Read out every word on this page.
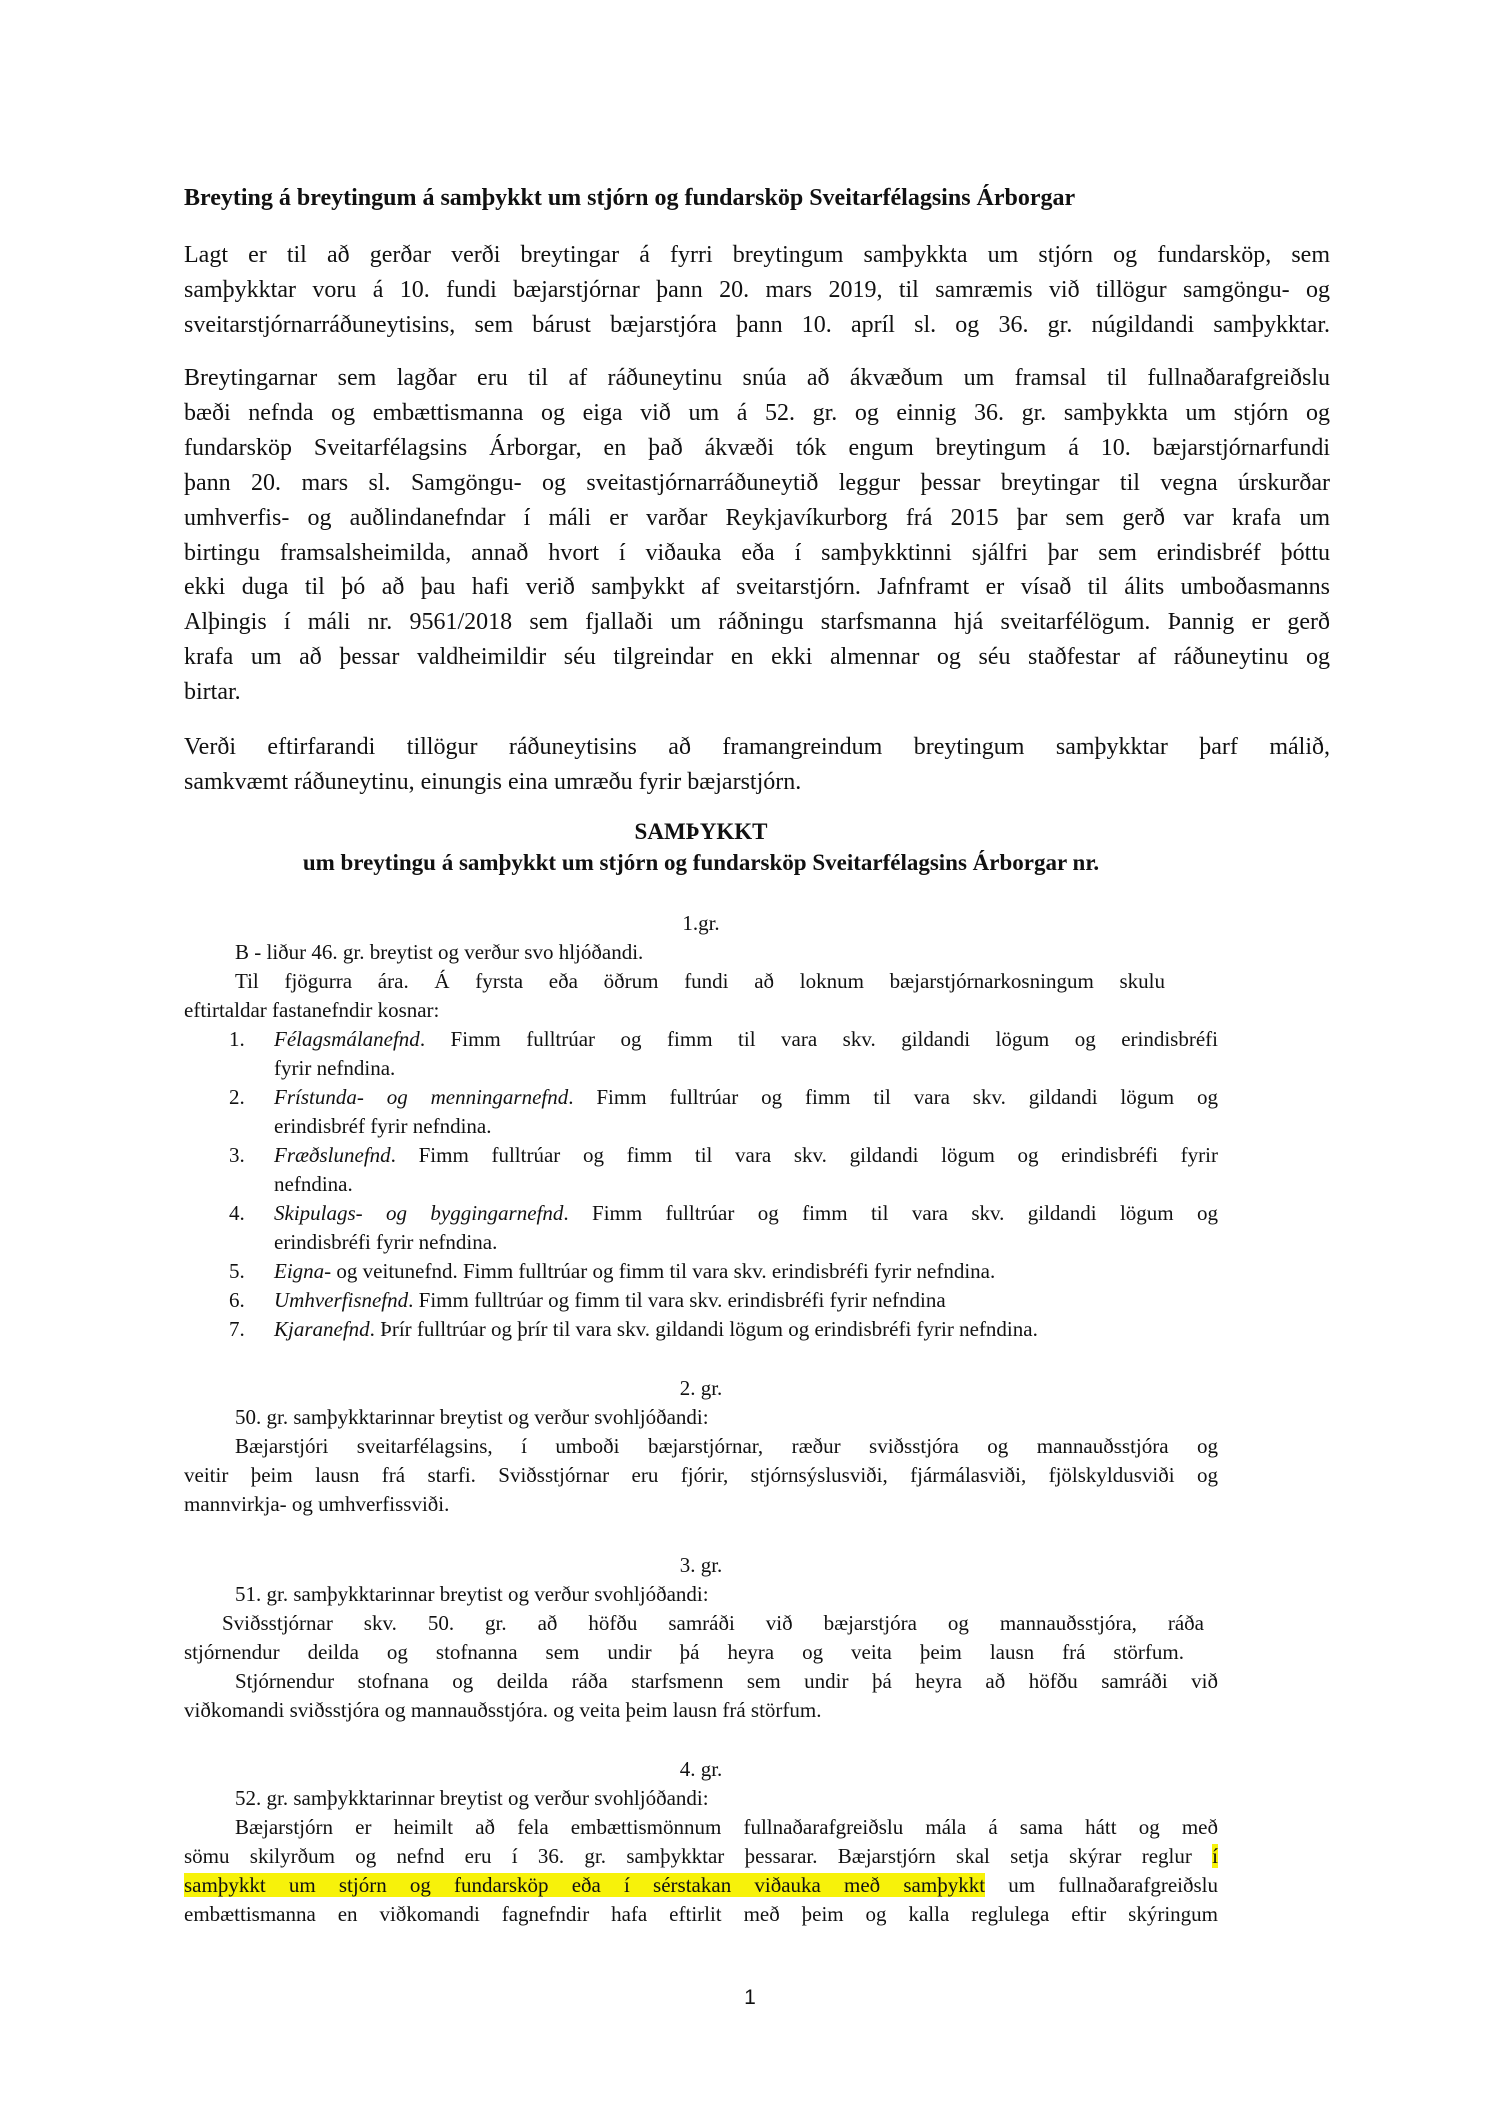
Breyting á breytingum á samþykkt um stjórn og fundarsköp Sveitarfélagsins Árborgar
Lagt er til að gerðar verði breytingar á fyrri breytingum samþykkta um stjórn og fundarsköp, sem
samþykktar voru á 10. fundi bæjarstjórnar þann 20. mars 2019, til samræmis við tillögur samgöngu- og
sveitarstjórnarráðuneytisins, sem bárust bæjarstjóra þann 10. apríl sl. og 36. gr. núgildandi samþykktar.
Breytingarnar sem lagðar eru til af ráðuneytinu snúa að ákvæðum um framsal til fullnaðarafgreiðslu
bæði nefnda og embættismanna og eiga við um á 52. gr. og einnig 36. gr. samþykkta um stjórn og
fundarsköp Sveitarfélagsins Árborgar, en það ákvæði tók engum breytingum á 10. bæjarstjórnarfundi
þann 20. mars sl. Samgöngu- og sveitastjórnarráðuneytið leggur þessar breytingar til vegna úrskurðar
umhverfis- og auðlindanefndar í máli er varðar Reykjavíkurborg frá 2015 þar sem gerð var krafa um
birtingu framsalsheimilda, annað hvort í viðauka eða í samþykktinni sjálfri þar sem erindisbréf þóttu
ekki duga til þó að þau hafi verið samþykkt af sveitarstjórn. Jafnframt er vísað til álits umboðasmanns
Alþingis í máli nr. 9561/2018 sem fjallaði um ráðningu starfsmanna hjá sveitarfélögum. Þannig er gerð
krafa um að þessar valdheimildir séu tilgreindar en ekki almennar og séu staðfestar af ráðuneytinu og
birtar.
Verði eftirfarandi tillögur ráðuneytisins að framangreindum breytingum samþykktar þarf málið,
samkvæmt ráðuneytinu, einungis eina umræðu fyrir bæjarstjórn.
SAMÞYKKT
um breytingu á samþykkt um stjórn og fundarsköp Sveitarfélagsins Árborgar nr.
1.gr.
B - liður 46. gr. breytist og verður svo hljóðandi.
Til fjögurra ára. Á fyrsta eða öðrum fundi að loknum bæjarstjórnarkosningum skulu
eftirtaldar fastanefndir kosnar:
1. Félagsmálanefnd. Fimm fulltrúar og fimm til vara skv. gildandi lögum og erindisbréfi
fyrir nefndina.
2. Frístunda- og menningarnefnd. Fimm fulltrúar og fimm til vara skv. gildandi lögum og
erindisbréf fyrir nefndina.
3. Fræðslunefnd. Fimm fulltrúar og fimm til vara skv. gildandi lögum og erindisbréfi fyrir
nefndina.
4. Skipulags- og byggingarnefnd. Fimm fulltrúar og fimm til vara skv. gildandi lögum og
erindisbréfi fyrir nefndina.
5. Eigna- og veitunefnd. Fimm fulltrúar og fimm til vara skv. erindisbréfi fyrir nefndina.
6. Umhverfisnefnd. Fimm fulltrúar og fimm til vara skv. erindisbréfi fyrir nefndina
7. Kjaranefnd. Þrír fulltrúar og þrír til vara skv. gildandi lögum og erindisbréfi fyrir nefndina.
2. gr.
50. gr. samþykktarinnar breytist og verður svohljóðandi:
Bæjarstjóri sveitarfélagsins, í umboði bæjarstjórnar, ræður sviðsstjóra og mannauðsstjóra og
veitir þeim lausn frá starfi. Sviðsstjórnar eru fjórir, stjórnsýslusviði, fjármálasviði, fjölskyldusviði og
mannvirkja- og umhverfissviði.
3. gr.
51. gr. samþykktarinnar breytist og verður svohljóðandi:
Sviðsstjórnar skv. 50. gr. að höfðu samráði við bæjarstjóra og mannauðsstjóra, ráða
stjórnendur deilda og stofnanna sem undir þá heyra og veita þeim lausn frá störfum.
Stjórnendur stofnana og deilda ráða starfsmenn sem undir þá heyra að höfðu samráði við
viðkomandi sviðsstjóra og mannauðsstjóra. og veita þeim lausn frá störfum.
4. gr.
52. gr. samþykktarinnar breytist og verður svohljóðandi:
Bæjarstjórn er heimilt að fela embættismönnum fullnaðarafgreiðslu mála á sama hátt og með
sömu skilyrðum og nefnd eru í 36. gr. samþykktar þessarar. Bæjarstjórn skal setja skýrar reglur í
samþykkt um stjórn og fundarsköp eða í sérstakan viðauka með samþykkt um fullnaðarafgreiðslu
embættismanna en viðkomandi fagnefndir hafa eftirlit með þeim og kalla reglulega eftir skýringum
1
